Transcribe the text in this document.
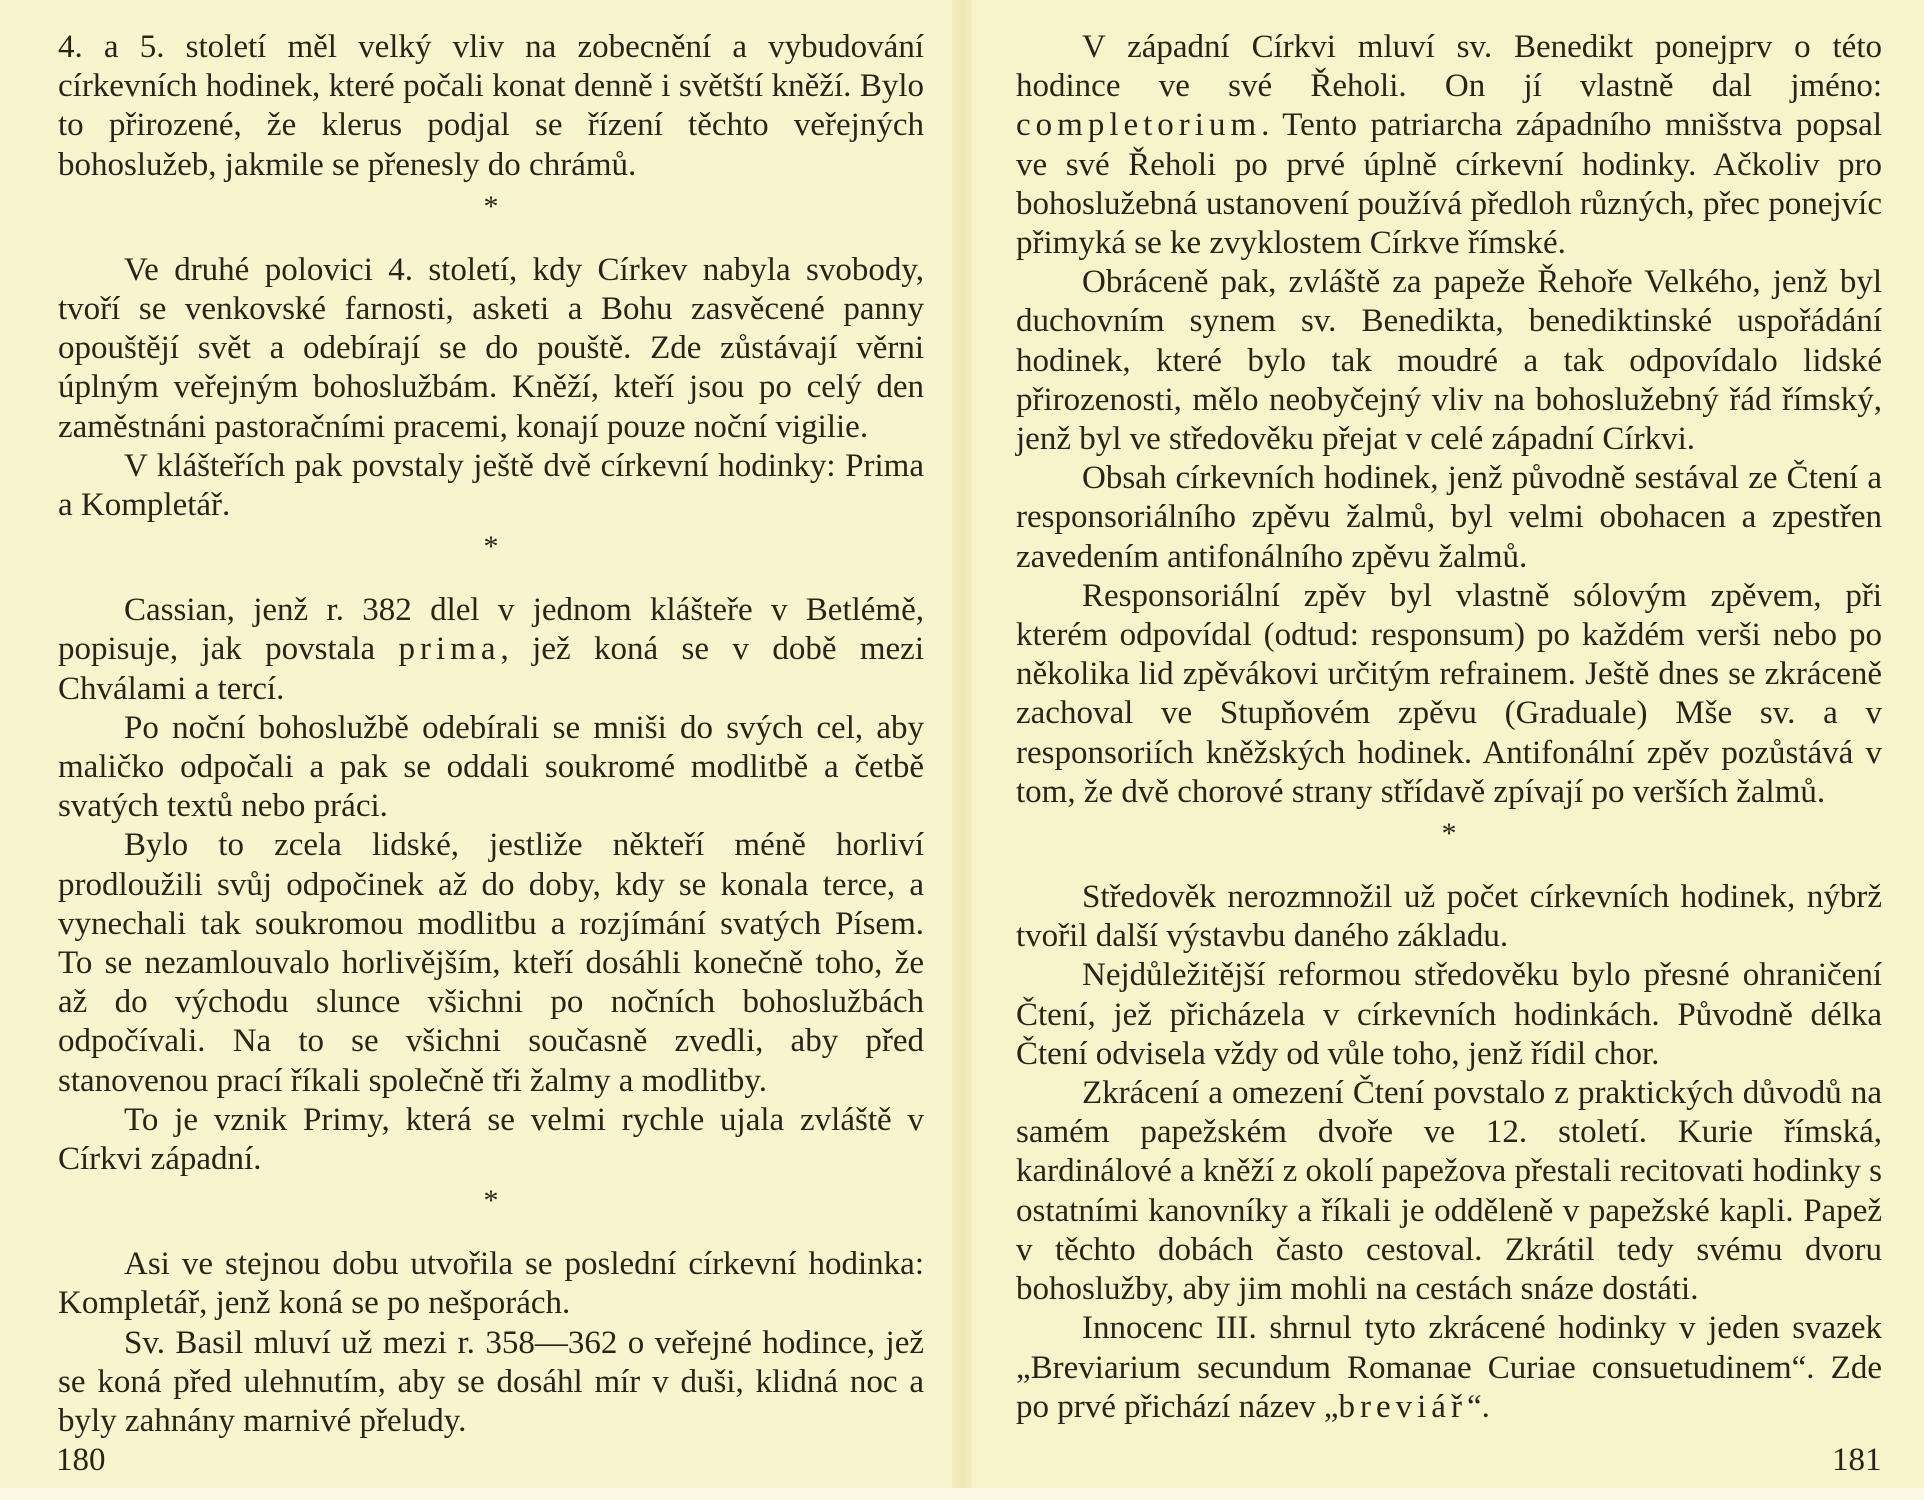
4. a 5. století měl velký vliv na zobecnění a vybudování církevních hodinek, které počali konat denně i světští kněží. Bylo to přirozené, že klerus podjal se řízení těchto veřejných bohoslužeb, jakmile se přenesly do chrámů.

*

Ve druhé polovici 4. století, kdy Církev nabyla svobody, tvoří se venkovské farnosti, asketi a Bohu zasvěcené panny opouštějí svět a odebírají se do pouště. Zde zůstávají věrni úplným veřejným bohoslužbám. Kněží, kteří jsou po celý den zaměstnáni pastoračními pracemi, konají pouze noční vigilie.

V klášteřích pak povstaly ještě dvě církevní hodinky: Prima a Kompletář.

*

Cassian, jenž r. 382 dlel v jednom klášteře v Betlémě, popisuje, jak povstala prima, jež koná se v době mezi Chválami a tercí.

Po noční bohoslužbě odebírali se mniši do svých cel, aby maličko odpočali a pak se oddali soukromé modlitbě a četbě svatých textů nebo práci.

Bylo to zcela lidské, jestliže někteří méně horliví prodloužili svůj odpočinek až do doby, kdy se konala terce, a vynechali tak soukromou modlitbu a rozjímání svatých Písem. To se nezamlouvalo horlivějším, kteří dosáhli konečně toho, že až do východu slunce všichni po nočních bohoslužbách odpočívali. Na to se všichni současně zvedli, aby před stanovenou prací říkali společně tři žalmy a modlitby.

To je vznik Primy, která se velmi rychle ujala zvláště v Církvi západní.

*

Asi ve stejnou dobu utvořila se poslední církevní hodinka: Kompletář, jenž koná se po nešporách.

Sv. Basil mluví už mezi r. 358—362 o veřejné hodince, jež se koná před ulehnutím, aby se dosáhl mír v duši, klidná noc a byly zahnány marnivé přeludy.

180

V západní Církvi mluví sv. Benedikt ponejprv o této hodince ve své Řeholi. On jí vlastně dal jméno: completorium. Tento patriarcha západního mnišstva popsal ve své Řeholi po prvé úplně církevní hodinky. Ačkoliv pro bohoslužebná ustanovení používá předloh různých, přec ponejvíc přimyká se ke zvyklostem Církve římské.

Obráceně pak, zvláště za papeže Řehoře Velkého, jenž byl duchovním synem sv. Benedikta, benediktinské uspořádání hodinek, které bylo tak moudré a tak odpovídalo lidské přirozenosti, mělo neobyčejný vliv na bohoslužebný řád římský, jenž byl ve středověku přejat v celé západní Církvi.

Obsah církevních hodinek, jenž původně sestával ze Čtení a responsoriálního zpěvu žalmů, byl velmi obohacen a zpestřen zavedením antifonálního zpěvu žalmů.

Responsoriální zpěv byl vlastně sólovým zpěvem, při kterém odpovídal (odtud: responsum) po každém verši nebo po několika lid zpěvákovi určitým refrainem. Ještě dnes se zkráceně zachoval ve Stupňovém zpěvu (Graduale) Mše sv. a v responsoriích kněžských hodinek. Antifonální zpěv pozůstává v tom, že dvě chorové strany střídavě zpívají po verších žalmů.

*

Středověk nerozmnožil už počet církevních hodinek, nýbrž tvořil další výstavbu daného základu.

Nejdůležitější reformou středověku bylo přesné ohraničení Čtení, jež přicházela v církevních hodinkách. Původně délka Čtení odvisela vždy od vůle toho, jenž řídil chor.

Zkrácení a omezení Čtení povstalo z praktických důvodů na samém papežském dvoře ve 12. století. Kurie římská, kardinálové a kněží z okolí papežova přestali recitovati hodinky s ostatními kanovníky a říkali je odděleně v papežské kapli. Papež v těchto dobách často cestoval. Zkrátil tedy svému dvoru bohoslužby, aby jim mohli na cestách snáze dostáti.

Innocenc III. shrnul tyto zkrácené hodinky v jeden svazek „Breviarium secundum Romanae Curiae consuetudinem“. Zde po prvé přichází název „breviář“.

181
